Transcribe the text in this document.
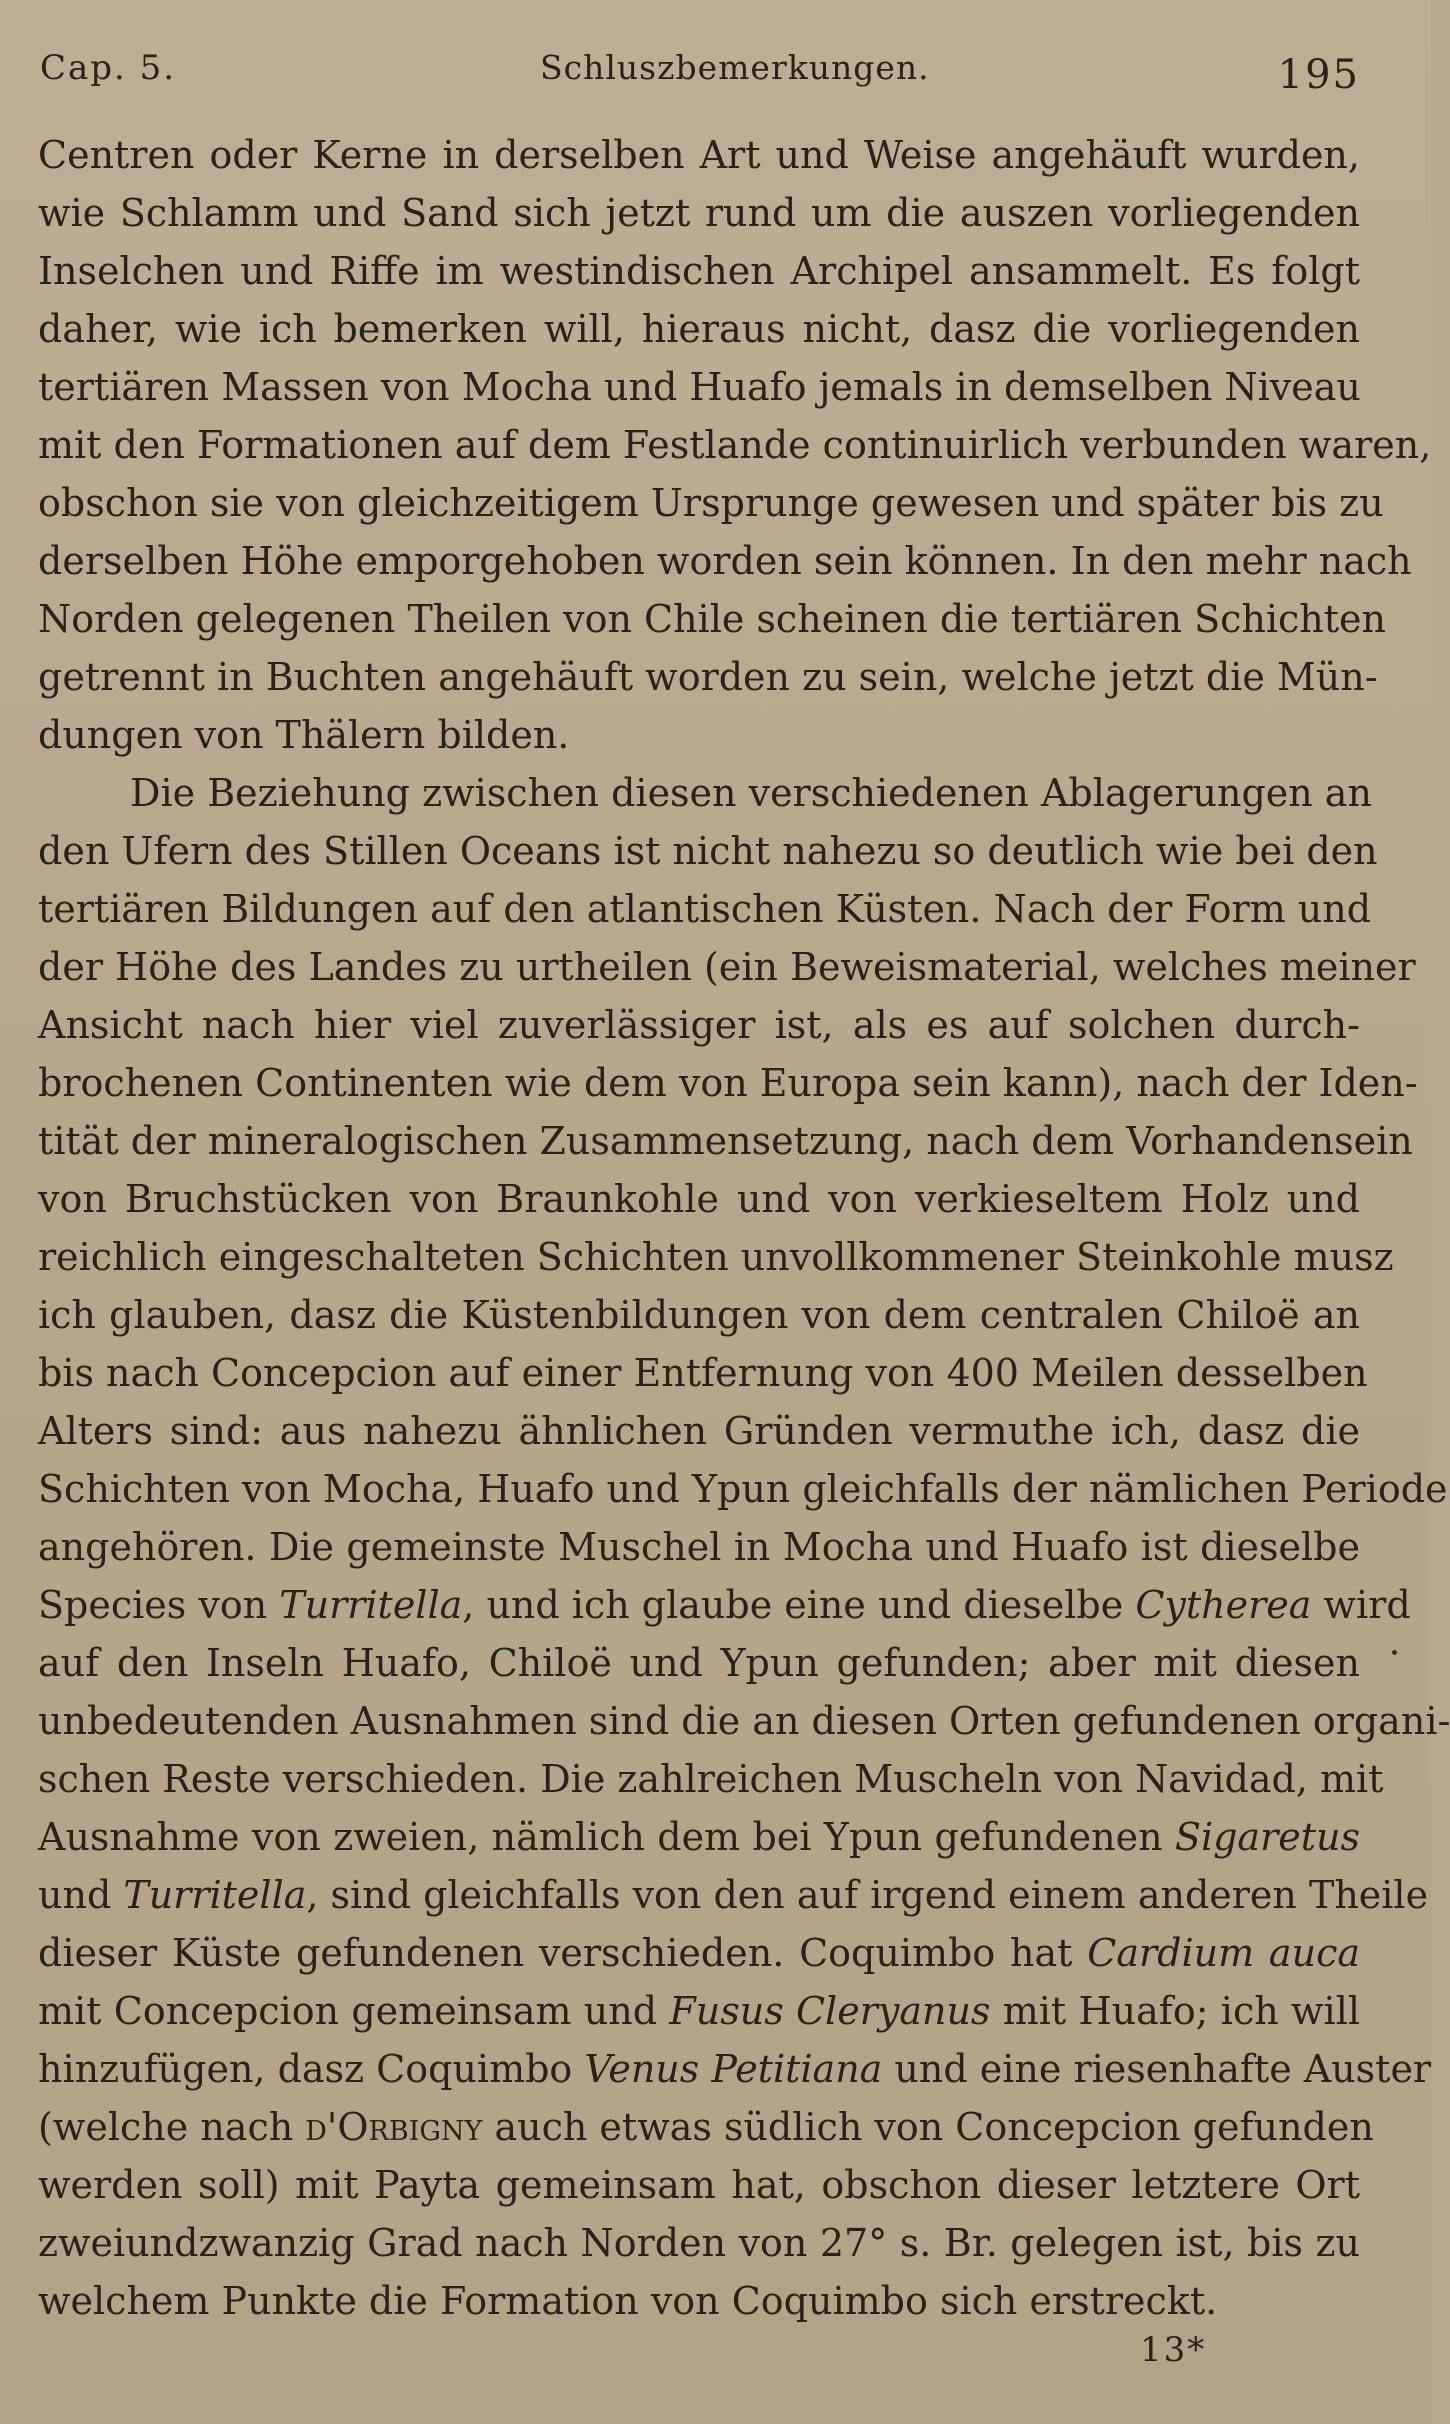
Cap. 5.	Schluszbemerkungen.	195
Centren oder Kerne in derselben Art und Weise angehäuft wurden,
wie Schlamm und Sand sich jetzt rund um die auszen vorliegenden
Inselchen und Riffe im westindischen Archipel ansammelt. Es folgt
daher, wie ich bemerken will, hieraus nicht, dasz die vorliegenden
tertiären Massen von Mocha und Huafo jemals in demselben Niveau
mit den Formationen auf dem Festlande continuirlich verbunden waren,
obschon sie von gleichzeitigem Ursprunge gewesen und später bis zu
derselben Höhe emporgehoben worden sein können. In den mehr nach
Norden gelegenen Theilen von Chile scheinen die tertiären Schichten
getrennt in Buchten angehäuft worden zu sein, welche jetzt die Mün-
dungen von Thälern bilden.
Die Beziehung zwischen diesen verschiedenen Ablagerungen an
den Ufern des Stillen Oceans ist nicht nahezu so deutlich wie bei den
tertiären Bildungen auf den atlantischen Küsten. Nach der Form und
der Höhe des Landes zu urtheilen (ein Beweismaterial, welches meiner
Ansicht nach hier viel zuverlässiger ist, als es auf solchen durch-
brochenen Continenten wie dem von Europa sein kann), nach der Iden-
tität der mineralogischen Zusammensetzung, nach dem Vorhandensein
von Bruchstücken von Braunkohle und von verkieseltem Holz und
reichlich eingeschalteten Schichten unvollkommener Steinkohle musz
ich glauben, dasz die Küstenbildungen von dem centralen Chiloë an
bis nach Concepcion auf einer Entfernung von 400 Meilen desselben
Alters sind: aus nahezu ähnlichen Gründen vermuthe ich, dasz die
Schichten von Mocha, Huafo und Ypun gleichfalls der nämlichen Periode
angehören. Die gemeinste Muschel in Mocha und Huafo ist dieselbe
Species von Turritella, und ich glaube eine und dieselbe Cytherea wird
auf den Inseln Huafo, Chiloë und Ypun gefunden; aber mit diesen
unbedeutenden Ausnahmen sind die an diesen Orten gefundenen organi-
schen Reste verschieden. Die zahlreichen Muscheln von Navidad, mit
Ausnahme von zweien, nämlich dem bei Ypun gefundenen Sigaretus
und Turritella, sind gleichfalls von den auf irgend einem anderen Theile
dieser Küste gefundenen verschieden. Coquimbo hat Cardium auca
mit Concepcion gemeinsam und Fusus Cleryanus mit Huafo; ich will
hinzufügen, dasz Coquimbo Venus Petitiana und eine riesenhafte Auster
(welche nach d'Orbigny auch etwas südlich von Concepcion gefunden
werden soll) mit Payta gemeinsam hat, obschon dieser letztere Ort
zweiundzwanzig Grad nach Norden von 27° s. Br. gelegen ist, bis zu
welchem Punkte die Formation von Coquimbo sich erstreckt.
13*
